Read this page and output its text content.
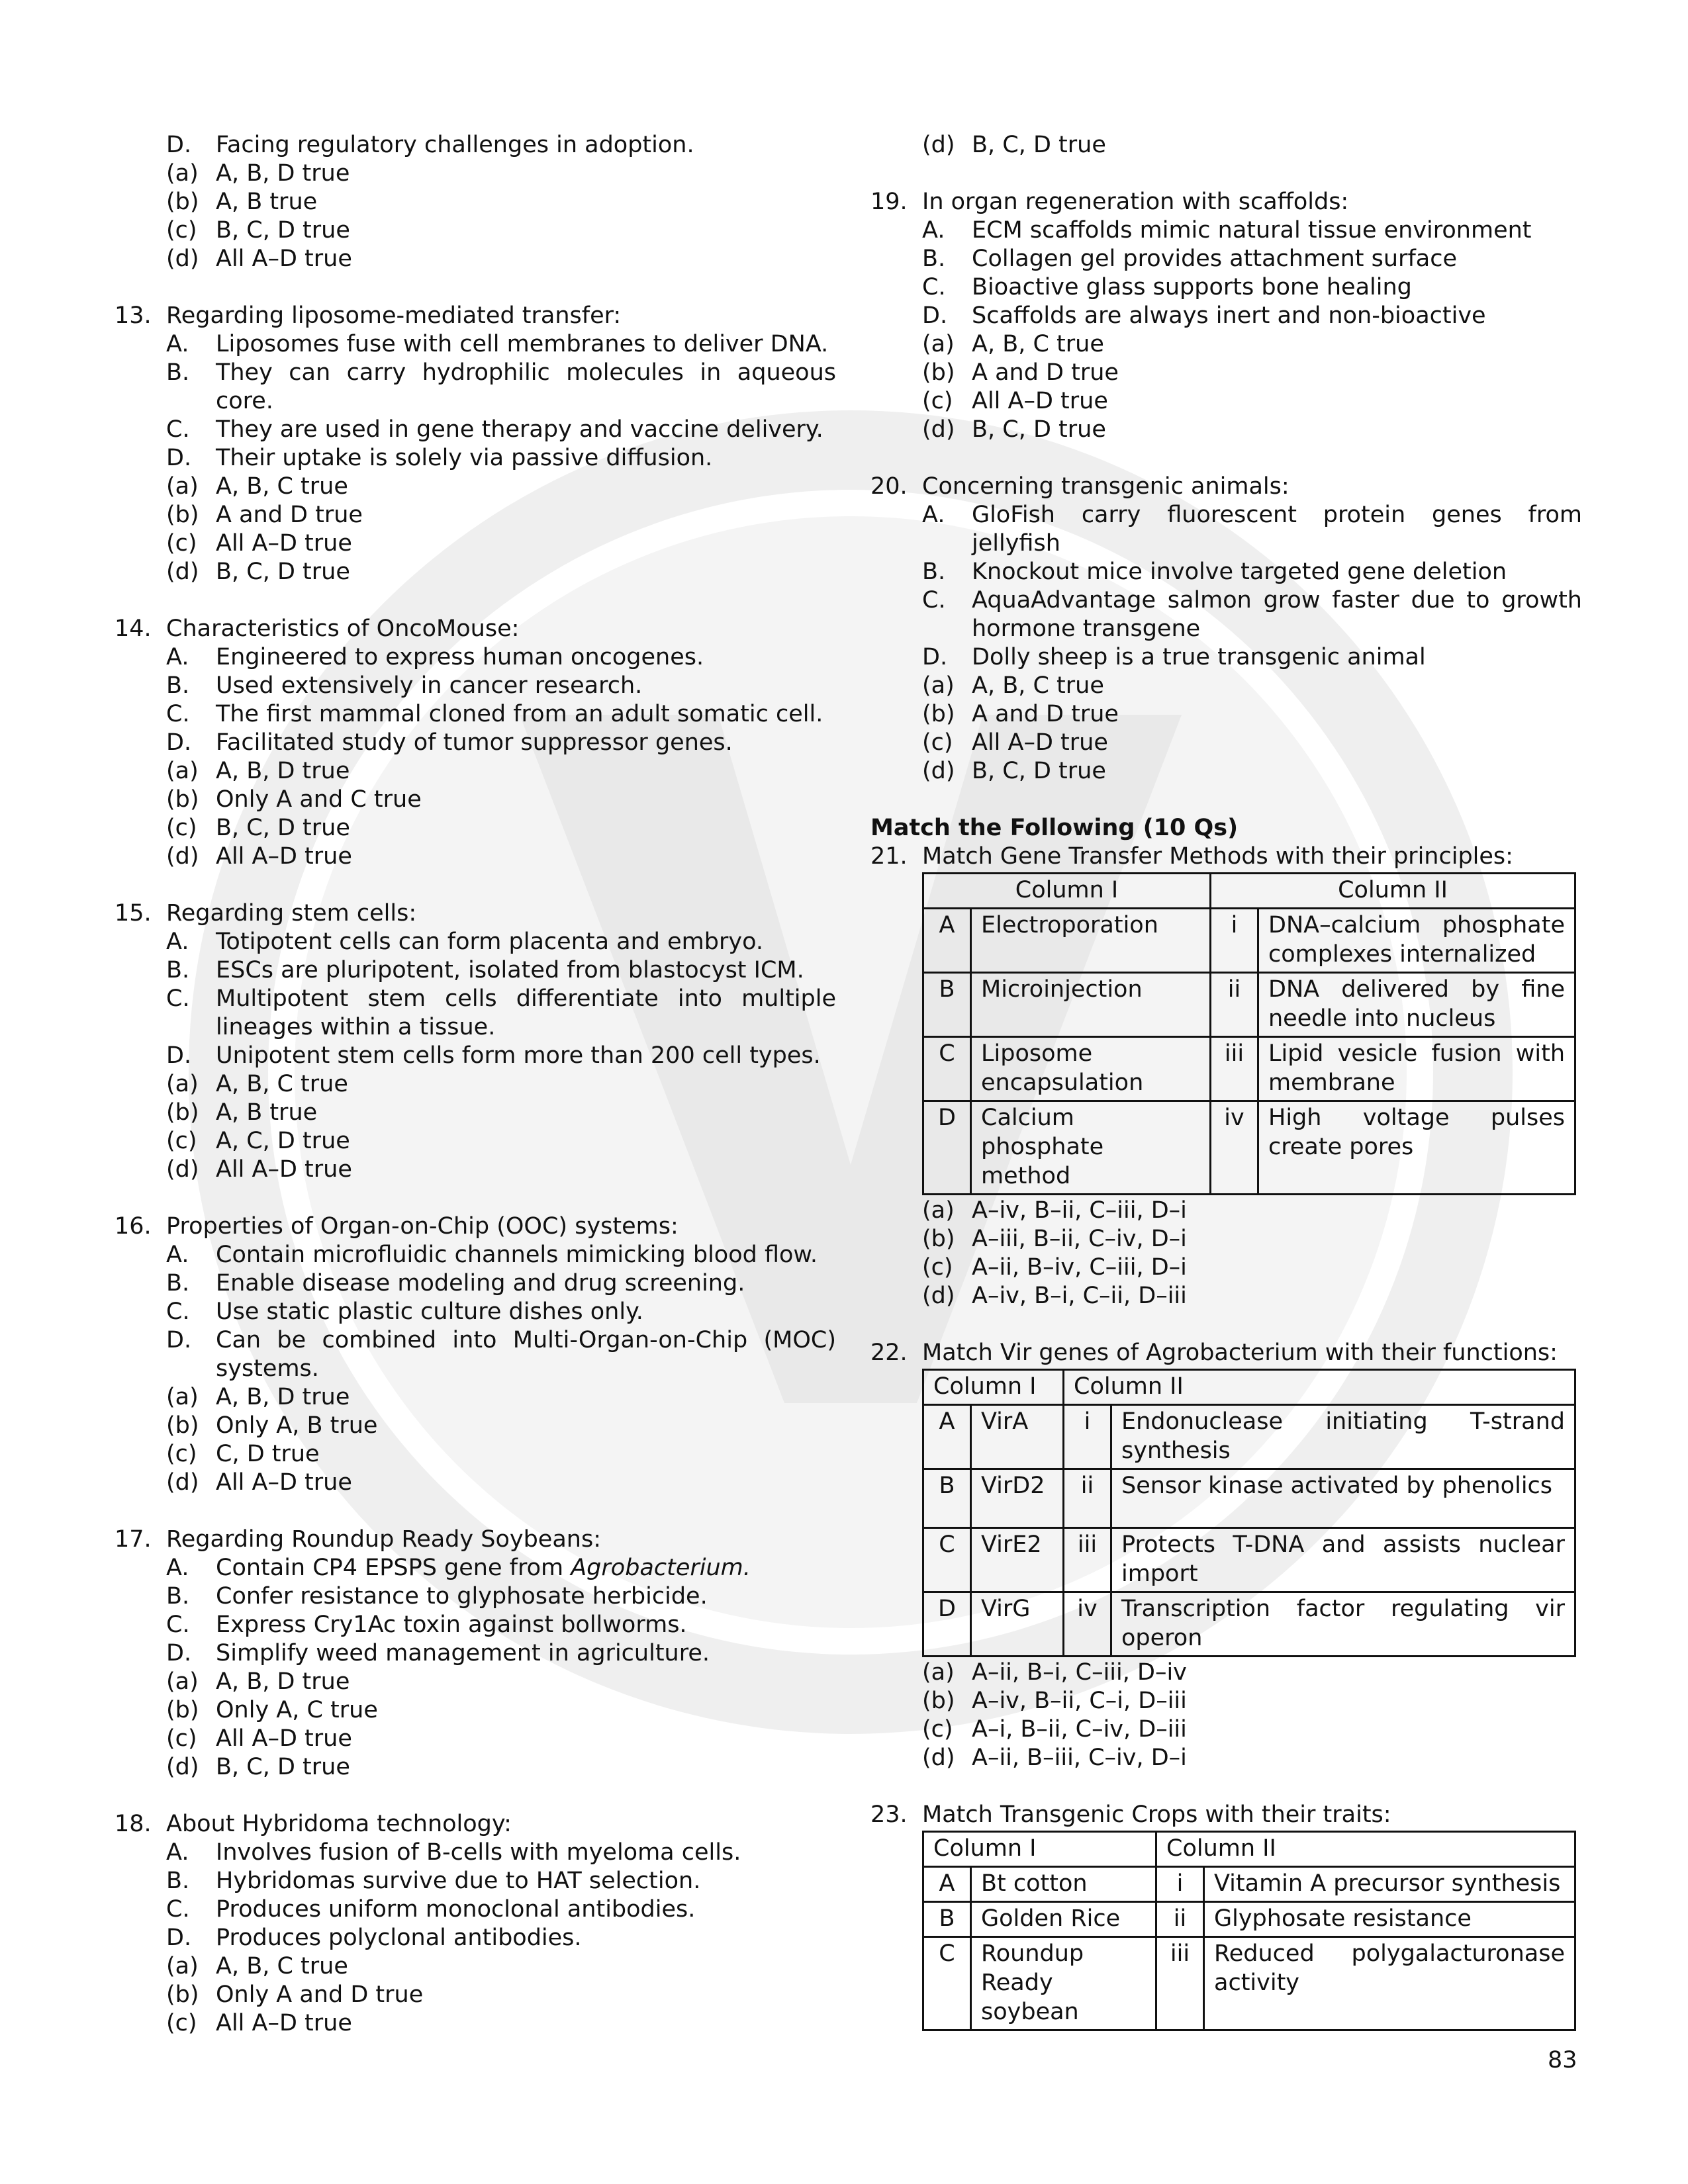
D.	Facing regulatory challenges in adoption.
(a) A, B, D true
(b) A, B true
(c) B, C, D true
(d) All A–D true
13. Regarding liposome-mediated transfer:
A.	Liposomes fuse with cell membranes to deliver DNA.
B.	They can carry hydrophilic molecules in aqueous core.
C.	They are used in gene therapy and vaccine delivery.
D.	Their uptake is solely via passive diffusion.
(a) A, B, C true
(b) A and D true
(c) All A–D true
(d) B, C, D true
14. Characteristics of OncoMouse:
A.	Engineered to express human oncogenes.
B.	Used extensively in cancer research.
C.	The first mammal cloned from an adult somatic cell.
D.	Facilitated study of tumor suppressor genes.
(a) A, B, D true
(b) Only A and C true
(c) B, C, D true
(d) All A–D true
15. Regarding stem cells:
A.	Totipotent cells can form placenta and embryo.
B.	ESCs are pluripotent, isolated from blastocyst ICM.
C.	Multipotent stem cells differentiate into multiple lineages within a tissue.
D.	Unipotent stem cells form more than 200 cell types.
(a) A, B, C true
(b) A, B true
(c) A, C, D true
(d) All A–D true
16. Properties of Organ-on-Chip (OOC) systems:
A.	Contain microfluidic channels mimicking blood flow.
B.	Enable disease modeling and drug screening.
C.	Use static plastic culture dishes only.
D.	Can be combined into Multi-Organ-on-Chip (MOC) systems.
(a) A, B, D true
(b) Only A, B true
(c) C, D true
(d) All A–D true
17. Regarding Roundup Ready Soybeans:
A.	Contain CP4 EPSPS gene from Agrobacterium.
B.	Confer resistance to glyphosate herbicide.
C.	Express Cry1Ac toxin against bollworms.
D.	Simplify weed management in agriculture.
(a) A, B, D true
(b) Only A, C true
(c) All A–D true
(d) B, C, D true
18. About Hybridoma technology:
A.	Involves fusion of B-cells with myeloma cells.
B.	Hybridomas survive due to HAT selection.
C.	Produces uniform monoclonal antibodies.
D.	Produces polyclonal antibodies.
(a) A, B, C true
(b) Only A and D true
(c) All A–D true
(d) B, C, D true
19. In organ regeneration with scaffolds:
A.	ECM scaffolds mimic natural tissue environment
B.	Collagen gel provides attachment surface
C.	Bioactive glass supports bone healing
D.	Scaffolds are always inert and non-bioactive
(a) A, B, C true
(b) A and D true
(c) All A–D true
(d) B, C, D true
20. Concerning transgenic animals:
A.	GloFish carry fluorescent protein genes from jellyfish
B.	Knockout mice involve targeted gene deletion
C.	AquaAdvantage salmon grow faster due to growth hormone transgene
D.	Dolly sheep is a true transgenic animal
(a) A, B, C true
(b) A and D true
(c) All A–D true
(d) B, C, D true
Match the Following (10 Qs)
21. Match Gene Transfer Methods with their principles:
Column I		Column II	
A	Electroporation	i	DNA–calcium phosphate complexes internalized
B	Microinjection	ii	DNA delivered by fine needle into nucleus
C	Liposome encapsulation	iii	Lipid vesicle fusion with membrane
D	Calcium phosphate method	iv	High voltage pulses create pores
(a) A–iv, B–ii, C–iii, D–i
(b) A–iii, B–ii, C–iv, D–i
(c) A–ii, B–iv, C–iii, D–i
(d) A–iv, B–i, C–ii, D–iii
22. Match Vir genes of Agrobacterium with their functions:
Column I		Column II	
A	VirA	i	Endonuclease initiating T-strand synthesis
B	VirD2	ii	Sensor kinase activated by phenolics
C	VirE2	iii	Protects T-DNA and assists nuclear import
D	VirG	iv	Transcription factor regulating vir operon
(a) A–ii, B–i, C–iii, D–iv
(b) A–iv, B–ii, C–i, D–iii
(c) A–i, B–ii, C–iv, D–iii
(d) A–ii, B–iii, C–iv, D–i
23. Match Transgenic Crops with their traits:
Column I		Column II	
A	Bt cotton	i	Vitamin A precursor synthesis
B	Golden Rice	ii	Glyphosate resistance
C	Roundup Ready soybean	iii	Reduced polygalacturonase activity
83
